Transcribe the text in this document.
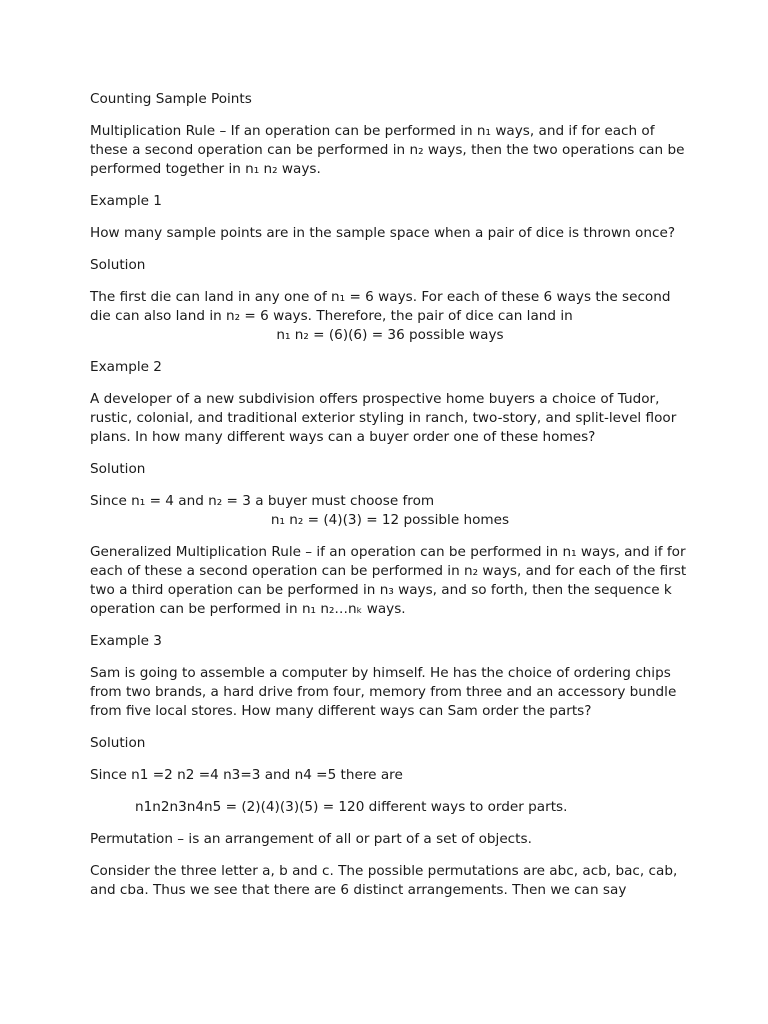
Counting Sample Points

Multiplication Rule – If an operation can be performed in n₁ ways, and if for each of these a second operation can be performed in n₂ ways, then the two operations can be performed together in n₁ n₂ ways.

Example 1

How many sample points are in the sample space when a pair of dice is thrown once?

Solution

The first die can land in any one of n₁ = 6 ways. For each of these 6 ways the second die can also land in n₂ = 6 ways. Therefore, the pair of dice can land in

n₁ n₂ = (6)(6) = 36 possible ways

Example 2

A developer of a new subdivision offers prospective home buyers a choice of Tudor, rustic, colonial, and traditional exterior styling in ranch, two-story, and split-level floor plans. In how many different ways can a buyer order one of these homes?

Solution

Since n₁ = 4 and n₂ = 3 a buyer must choose from

n₁ n₂ = (4)(3) = 12 possible homes

Generalized Multiplication Rule – if an operation can be performed in n₁ ways, and if for each of these a second operation can be performed in n₂ ways, and for each of the first two a third operation can be performed in n₃ ways, and so forth, then the sequence k operation can be performed in n₁ n₂…nₖ ways.

Example 3

Sam is going to assemble a computer by himself. He has the choice of ordering chips from two brands, a hard drive from four, memory from three and an accessory bundle from five local stores. How many different ways can Sam order the parts?

Solution

Since n1 =2 n2 =4 n3=3 and n4 =5 there are

n1n2n3n4n5 = (2)(4)(3)(5) = 120 different ways to order parts.

Permutation – is an arrangement of all or part of a set of objects.

Consider the three letter a, b and c. The possible permutations are abc, acb, bac, cab, and cba. Thus we see that there are 6 distinct arrangements. Then we can say
